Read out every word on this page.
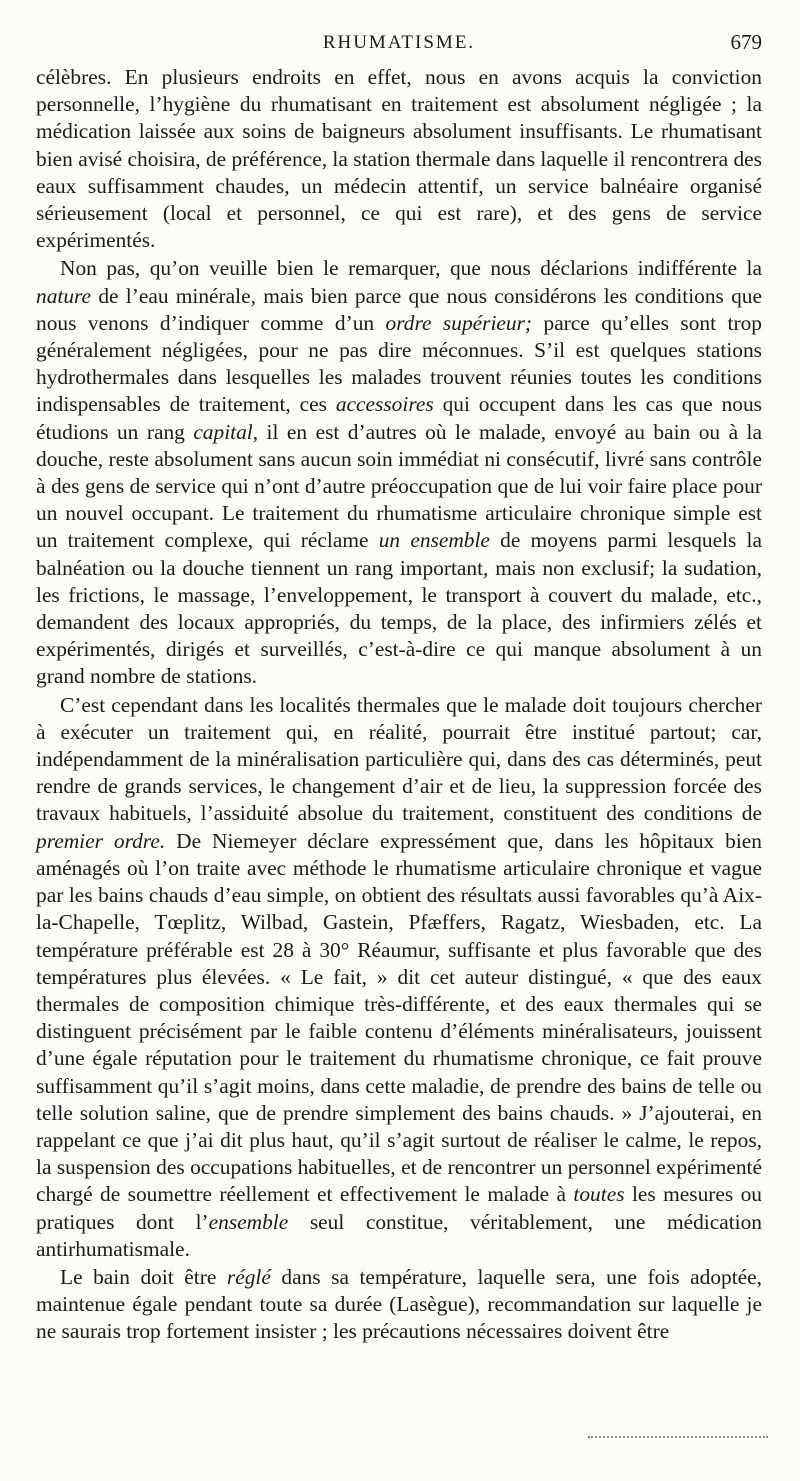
RHUMATISME.	679

célèbres. En plusieurs endroits en effet, nous en avons acquis la conviction personnelle, l’hygiène du rhumatisant en traitement est absolument négligée ; la médication laissée aux soins de baigneurs absolument insuffisants. Le rhumatisant bien avisé choisira, de préférence, la station thermale dans laquelle il rencontrera des eaux suffisamment chaudes, un médecin attentif, un service balnéaire organisé sérieusement (local et personnel, ce qui est rare), et des gens de service expérimentés.

Non pas, qu’on veuille bien le remarquer, que nous déclarions indifférente la nature de l’eau minérale, mais bien parce que nous considérons les conditions que nous venons d’indiquer comme d’un ordre supérieur; parce qu’elles sont trop généralement négligées, pour ne pas dire méconnues. S’il est quelques stations hydrothermales dans lesquelles les malades trouvent réunies toutes les conditions indispensables de traitement, ces accessoires qui occupent dans les cas que nous étudions un rang capital, il en est d’autres où le malade, envoyé au bain ou à la douche, reste absolument sans aucun soin immédiat ni consécutif, livré sans contrôle à des gens de service qui n’ont d’autre préoccupation que de lui voir faire place pour un nouvel occupant. Le traitement du rhumatisme articulaire chronique simple est un traitement complexe, qui réclame un ensemble de moyens parmi lesquels la balnéation ou la douche tiennent un rang important, mais non exclusif; la sudation, les frictions, le massage, l’enveloppement, le transport à couvert du malade, etc., demandent des locaux appropriés, du temps, de la place, des infirmiers zélés et expérimentés, dirigés et surveillés, c’est-à-dire ce qui manque absolument à un grand nombre de stations.

C’est cependant dans les localités thermales que le malade doit toujours chercher à exécuter un traitement qui, en réalité, pourrait être institué partout; car, indépendamment de la minéralisation particulière qui, dans des cas déterminés, peut rendre de grands services, le changement d’air et de lieu, la suppression forcée des travaux habituels, l’assiduité absolue du traitement, constituent des conditions de premier ordre. De Niemeyer déclare expressément que, dans les hôpitaux bien aménagés où l’on traite avec méthode le rhumatisme articulaire chronique et vague par les bains chauds d’eau simple, on obtient des résultats aussi favorables qu’à Aix-la-Chapelle, Tœplitz, Wilbad, Gastein, Pfæffers, Ragatz, Wiesbaden, etc. La température préférable est 28 à 30° Réaumur, suffisante et plus favorable que des températures plus élevées. « Le fait, » dit cet auteur distingué, « que des eaux thermales de composition chimique très-différente, et des eaux thermales qui se distinguent précisément par le faible contenu d’éléments minéralisateurs, jouissent d’une égale réputation pour le traitement du rhumatisme chronique, ce fait prouve suffisamment qu’il s’agit moins, dans cette maladie, de prendre des bains de telle ou telle solution saline, que de prendre simplement des bains chauds. » J’ajouterai, en rappelant ce que j’ai dit plus haut, qu’il s’agit surtout de réaliser le calme, le repos, la suspension des occupations habituelles, et de rencontrer un personnel expérimenté chargé de soumettre réellement et effectivement le malade à toutes les mesures ou pratiques dont l’ensemble seul constitue, véritablement, une médication antirhumatismale.

Le bain doit être réglé dans sa température, laquelle sera, une fois adoptée, maintenue égale pendant toute sa durée (Lasègue), recommandation sur laquelle je ne saurais trop fortement insister ; les précautions nécessaires doivent être
